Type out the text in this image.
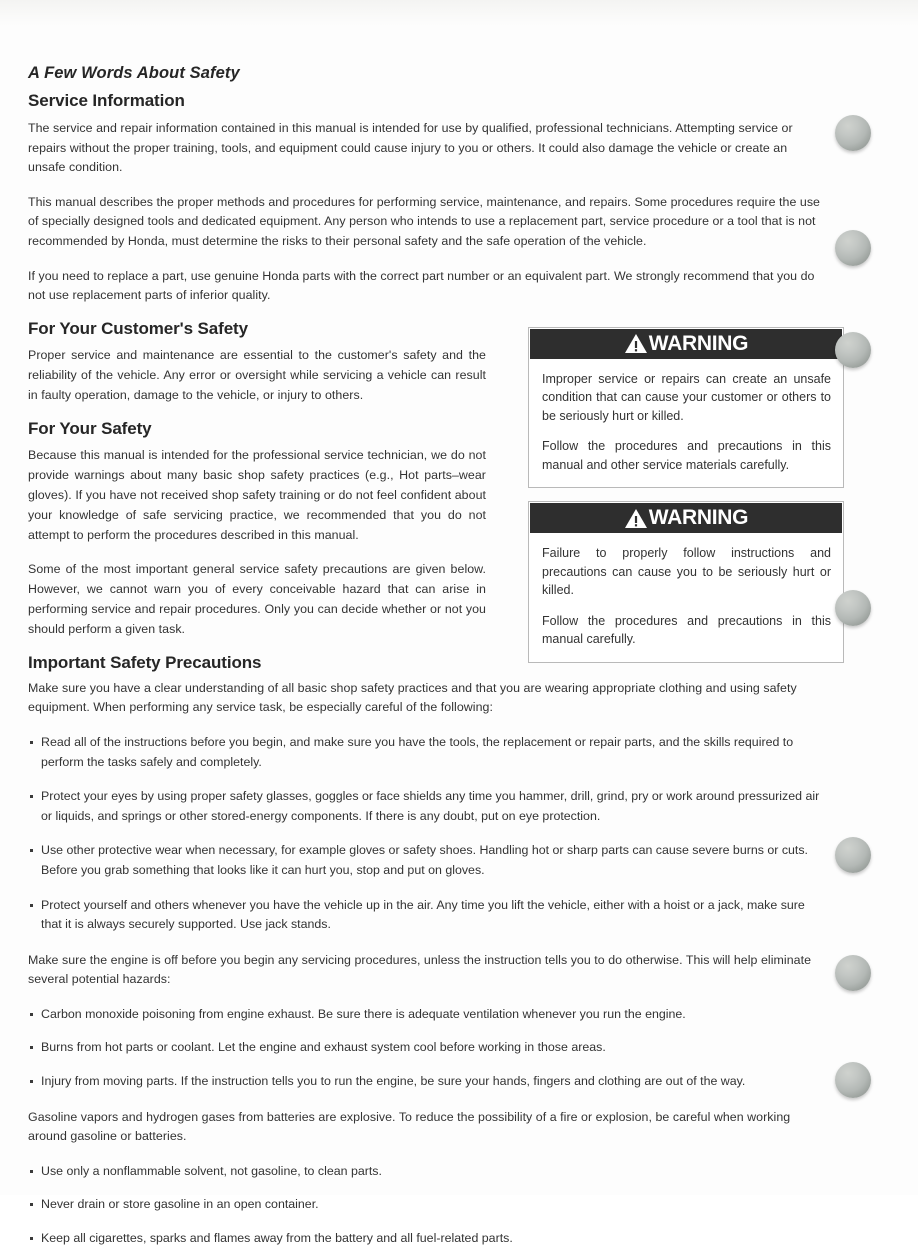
A Few Words About Safety
Service Information

The service and repair information contained in this manual is intended for use by qualified, professional technicians. Attempting service or repairs without the proper training, tools, and equipment could cause injury to you or others. It could also damage the vehicle or create an unsafe condition.

This manual describes the proper methods and procedures for performing service, maintenance, and repairs. Some procedures require the use of specially designed tools and dedicated equipment. Any person who intends to use a replacement part, service procedure or a tool that is not recommended by Honda, must determine the risks to their personal safety and the safe operation of the vehicle.

If you need to replace a part, use genuine Honda parts with the correct part number or an equivalent part. We strongly recommend that you do not use replacement parts of inferior quality.

For Your Customer's Safety

Proper service and maintenance are essential to the customer's safety and the reliability of the vehicle. Any error or oversight while servicing a vehicle can result in faulty operation, damage to the vehicle, or injury to others.

For Your Safety

Because this manual is intended for the professional service technician, we do not provide warnings about many basic shop safety practices (e.g., Hot parts–wear gloves). If you have not received shop safety training or do not feel confident about your knowledge of safe servicing practice, we recommended that you do not attempt to perform the procedures described in this manual.

Some of the most important general service safety precautions are given below. However, we cannot warn you of every conceivable hazard that can arise in performing service and repair procedures. Only you can decide whether or not you should perform a given task.

WARNING

Improper service or repairs can create an unsafe condition that can cause your customer or others to be seriously hurt or killed.

Follow the procedures and precautions in this manual and other service materials carefully.

WARNING

Failure to properly follow instructions and precautions can cause you to be seriously hurt or killed.

Follow the procedures and precautions in this manual carefully.

Important Safety Precautions

Make sure you have a clear understanding of all basic shop safety practices and that you are wearing appropriate clothing and using safety equipment. When performing any service task, be especially careful of the following:

Read all of the instructions before you begin, and make sure you have the tools, the replacement or repair parts, and the skills required to perform the tasks safely and completely.
Protect your eyes by using proper safety glasses, goggles or face shields any time you hammer, drill, grind, pry or work around pressurized air or liquids, and springs or other stored-energy components. If there is any doubt, put on eye protection.
Use other protective wear when necessary, for example gloves or safety shoes. Handling hot or sharp parts can cause severe burns or cuts. Before you grab something that looks like it can hurt you, stop and put on gloves.
Protect yourself and others whenever you have the vehicle up in the air. Any time you lift the vehicle, either with a hoist or a jack, make sure that it is always securely supported. Use jack stands.

Make sure the engine is off before you begin any servicing procedures, unless the instruction tells you to do otherwise. This will help eliminate several potential hazards:

Carbon monoxide poisoning from engine exhaust. Be sure there is adequate ventilation whenever you run the engine.
Burns from hot parts or coolant. Let the engine and exhaust system cool before working in those areas.
Injury from moving parts. If the instruction tells you to run the engine, be sure your hands, fingers and clothing are out of the way.

Gasoline vapors and hydrogen gases from batteries are explosive. To reduce the possibility of a fire or explosion, be careful when working around gasoline or batteries.

Use only a nonflammable solvent, not gasoline, to clean parts.
Never drain or store gasoline in an open container.
Keep all cigarettes, sparks and flames away from the battery and all fuel-related parts.
